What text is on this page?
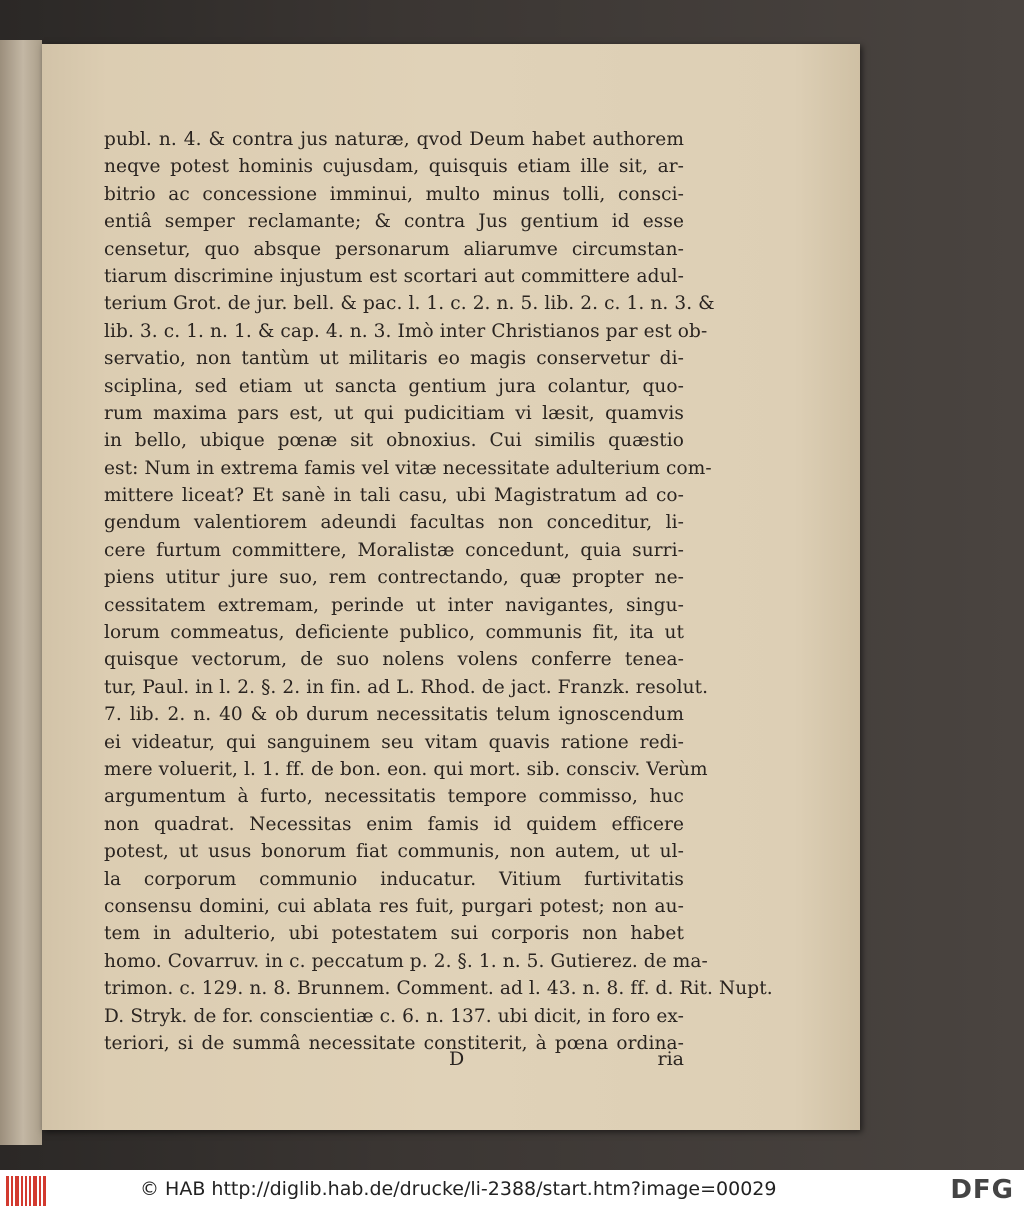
publ. n. 4. & contra jus naturæ, qvod Deum habet authorem
neqve potest hominis cujusdam, quisquis etiam ille sit, ar-
bitrio ac concessione imminui, multo minus tolli, consci-
entiâ semper reclamante; & contra Jus gentium id esse
censetur, quo absque personarum aliarumve circumstan-
tiarum discrimine injustum est scortari aut committere adul-
terium Grot. de jur. bell. & pac. l. 1. c. 2. n. 5. lib. 2. c. 1. n. 3. &
lib. 3. c. 1. n. 1. & cap. 4. n. 3. Imò inter Christianos par est ob-
servatio, non tantùm ut militaris eo magis conservetur di-
sciplina, sed etiam ut sancta gentium jura colantur, quo-
rum maxima pars est, ut qui pudicitiam vi læsit, quamvis
in bello, ubique pœnæ sit obnoxius. Cui similis quæstio
est: Num in extrema famis vel vitæ necessitate adulterium com-
mittere liceat? Et sanè in tali casu, ubi Magistratum ad co-
gendum valentiorem adeundi facultas non conceditur, li-
cere furtum committere, Moralistæ concedunt, quia surri-
piens utitur jure suo, rem contrectando, quæ propter ne-
cessitatem extremam, perinde ut inter navigantes, singu-
lorum commeatus, deficiente publico, communis fit, ita ut
quisque vectorum, de suo nolens volens conferre tenea-
tur, Paul. in l. 2. §. 2. in fin. ad L. Rhod. de jact. Franzk. resolut.
7. lib. 2. n. 40 & ob durum necessitatis telum ignoscendum
ei videatur, qui sanguinem seu vitam quavis ratione redi-
mere voluerit, l. 1. ff. de bon. eon. qui mort. sib. consciv. Verùm
argumentum à furto, necessitatis tempore commisso, huc
non quadrat. Necessitas enim famis id quidem efficere
potest, ut usus bonorum fiat communis, non autem, ut ul-
la corporum communio inducatur. Vitium furtivitatis
consensu domini, cui ablata res fuit, purgari potest; non au-
tem in adulterio, ubi potestatem sui corporis non habet
homo. Covarruv. in c. peccatum p. 2. §. 1. n. 5. Gutierez. de ma-
trimon. c. 129. n. 8. Brunnem. Comment. ad l. 43. n. 8. ff. d. Rit. Nupt.
D. Stryk. de for. conscientiæ c. 6. n. 137. ubi dicit, in foro ex-
teriori, si de summâ necessitate constiterit, à pœna ordina-
D	ria
© HAB http://diglib.hab.de/drucke/li-2388/start.htm?image=00029	DFG
